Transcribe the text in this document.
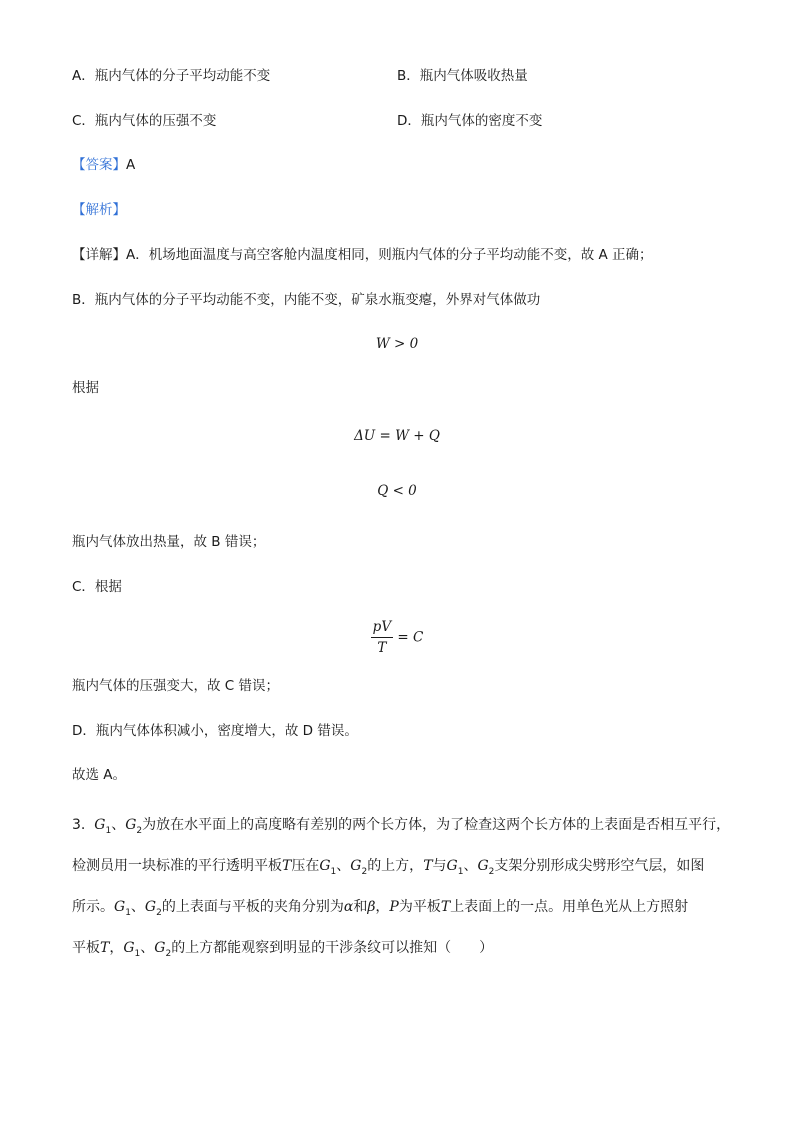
A．瓶内气体的分子平均动能不变	B．瓶内气体吸收热量
C．瓶内气体的压强不变	D．瓶内气体的密度不变
【答案】A
【解析】
【详解】A．机场地面温度与高空客舱内温度相同，则瓶内气体的分子平均动能不变，故 A 正确；
B．瓶内气体的分子平均动能不变，内能不变，矿泉水瓶变瘪，外界对气体做功
W > 0
根据
ΔU = W + Q
Q < 0
瓶内气体放出热量，故 B 错误；
C．根据
$\frac{pV}{T} = C$
瓶内气体的压强变大，故 C 错误；
D．瓶内气体体积减小，密度增大，故 D 错误。
故选 A。
3. $G_1$、$G_2$为放在水平面上的高度略有差别的两个长方体，为了检查这两个长方体的上表面是否相互平行，
检测员用一块标准的平行透明平板T压在$G_1$、$G_2$的上方，T与$G_1$、$G_2$支架分别形成尖劈形空气层，如图
所示。$G_1$、$G_2$的上表面与平板的夹角分别为α和β，P为平板T上表面上的一点。用单色光从上方照射
平板T，$G_1$、$G_2$的上方都能观察到明显的干涉条纹可以推知（　　）
